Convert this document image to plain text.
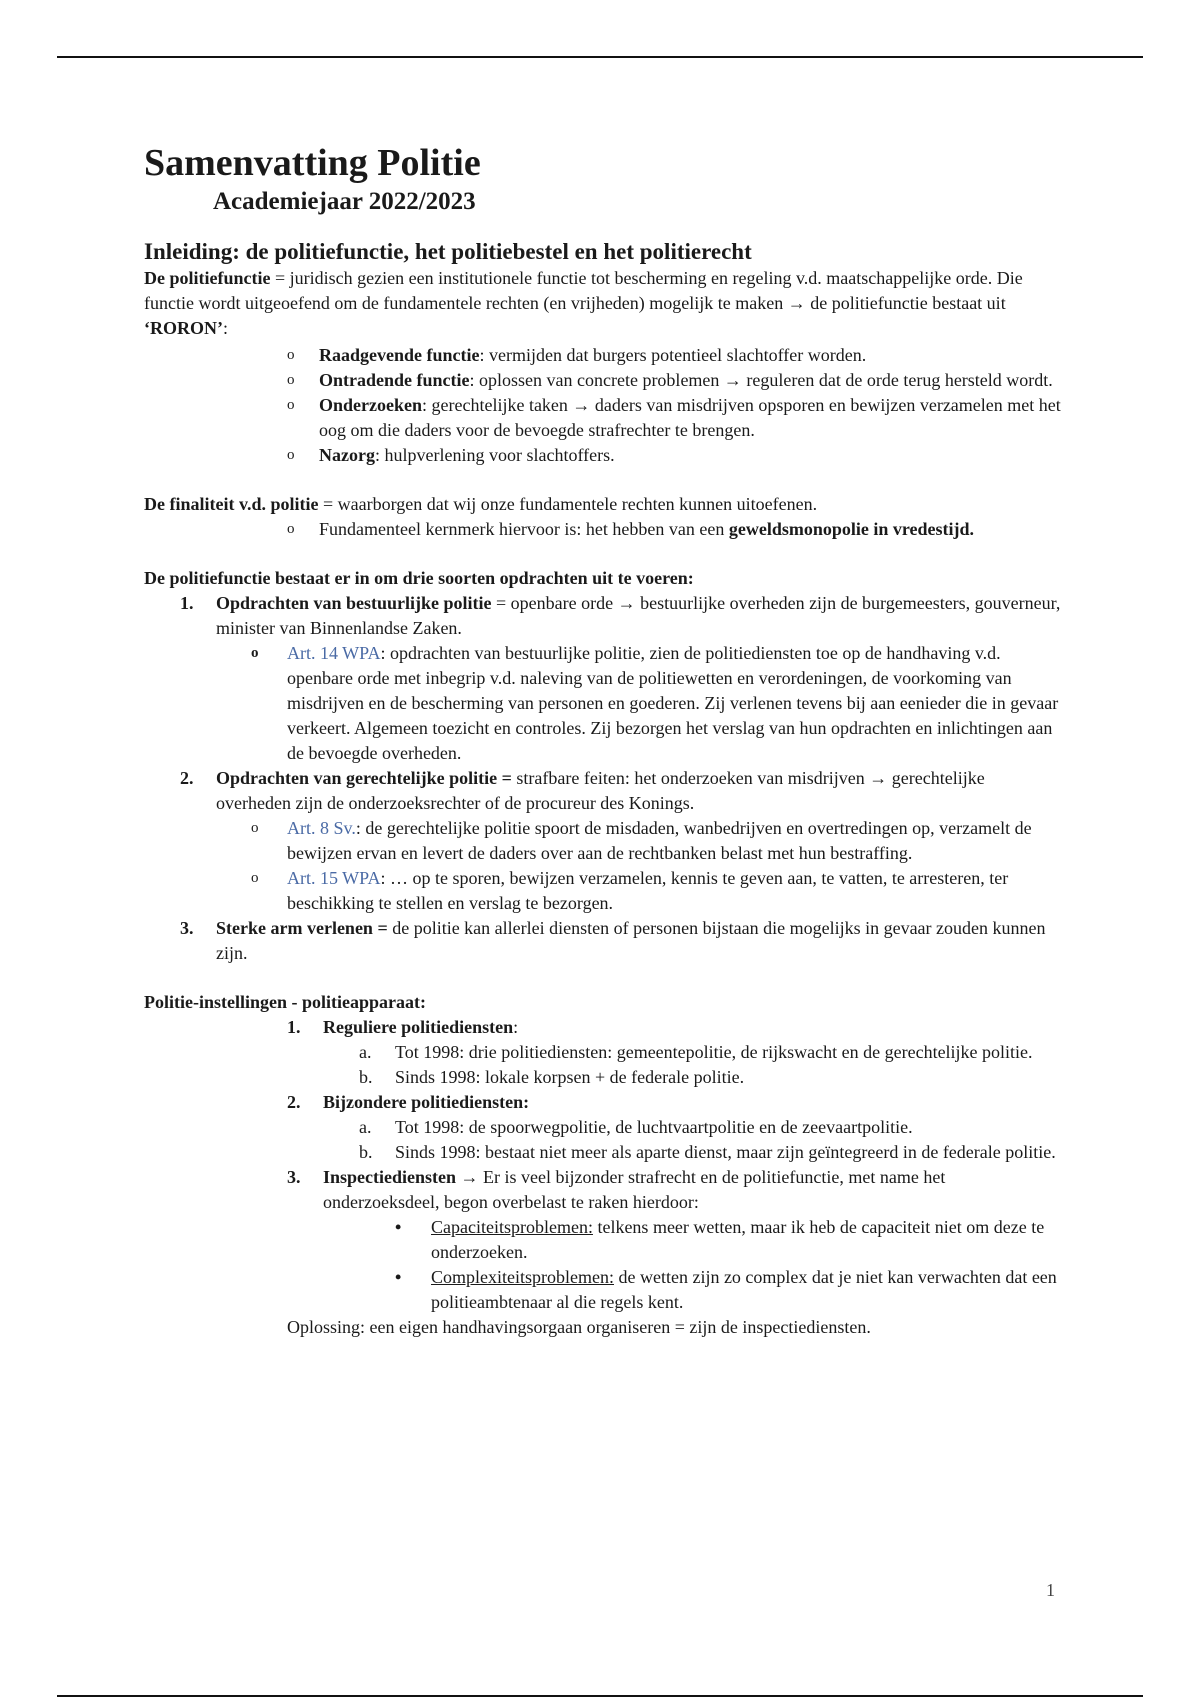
Samenvatting Politie
Academiejaar 2022/2023
Inleiding: de politiefunctie, het politiebestel en het politierecht

De politiefunctie = juridisch gezien een institutionele functie tot bescherming en regeling v.d. maatschappelijke orde. Die functie wordt uitgeoefend om de fundamentele rechten (en vrijheden) mogelijk te maken → de politiefunctie bestaat uit ‘RORON’:

o Raadgevende functie: vermijden dat burgers potentieel slachtoffer worden.
o Ontradende functie: oplossen van concrete problemen → reguleren dat de orde terug hersteld wordt.
o Onderzoeken: gerechtelijke taken → daders van misdrijven opsporen en bewijzen verzamelen met het oog om die daders voor de bevoegde strafrechter te brengen.
o Nazorg: hulpverlening voor slachtoffers.

De finaliteit v.d. politie = waarborgen dat wij onze fundamentele rechten kunnen uitoefenen.

o Fundamenteel kernmerk hiervoor is: het hebben van een geweldsmonopolie in vredestijd.

De politiefunctie bestaat er in om drie soorten opdrachten uit te voeren:

1. Opdrachten van bestuurlijke politie = openbare orde → bestuurlijke overheden zijn de burgemeesters, gouverneur, minister van Binnenlandse Zaken.
o Art. 14 WPA: opdrachten van bestuurlijke politie, zien de politiediensten toe op de handhaving v.d. openbare orde met inbegrip v.d. naleving van de politiewetten en verordeningen, de voorkoming van misdrijven en de bescherming van personen en goederen. Zij verlenen tevens bij aan eenieder die in gevaar verkeert. Algemeen toezicht en controles. Zij bezorgen het verslag van hun opdrachten en inlichtingen aan de bevoegde overheden.
2. Opdrachten van gerechtelijke politie = strafbare feiten: het onderzoeken van misdrijven → gerechtelijke overheden zijn de onderzoeksrechter of de procureur des Konings.
o Art. 8 Sv.: de gerechtelijke politie spoort de misdaden, wanbedrijven en overtredingen op, verzamelt de bewijzen ervan en levert de daders over aan de rechtbanken belast met hun bestraffing.
o Art. 15 WPA: … op te sporen, bewijzen verzamelen, kennis te geven aan, te vatten, te arresteren, ter beschikking te stellen en verslag te bezorgen.
3. Sterke arm verlenen = de politie kan allerlei diensten of personen bijstaan die mogelijks in gevaar zouden kunnen zijn.

Politie-instellingen - politieapparaat:

1. Reguliere politiediensten:
a. Tot 1998: drie politiediensten: gemeentepolitie, de rijkswacht en de gerechtelijke politie.
b. Sinds 1998: lokale korpsen + de federale politie.
2. Bijzondere politiediensten:
a. Tot 1998: de spoorwegpolitie, de luchtvaartpolitie en de zeevaartpolitie.
b. Sinds 1998: bestaat niet meer als aparte dienst, maar zijn geïntegreerd in de federale politie.
3. Inspectiediensten → Er is veel bijzonder strafrecht en de politiefunctie, met name het onderzoeksdeel, begon overbelast te raken hierdoor:
• Capaciteitsproblemen: telkens meer wetten, maar ik heb de capaciteit niet om deze te onderzoeken.
• Complexiteitsproblemen: de wetten zijn zo complex dat je niet kan verwachten dat een politieambtenaar al die regels kent.

Oplossing: een eigen handhavingsorgaan organiseren = zijn de inspectiediensten.

1
